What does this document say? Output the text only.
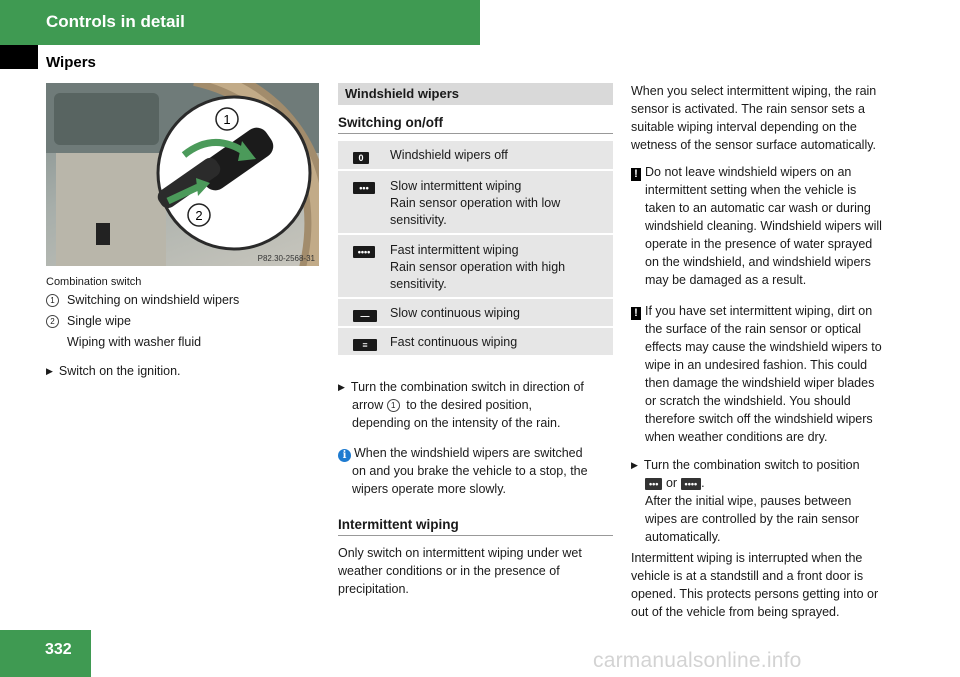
Controls in detail
Wipers
1
2
P82.30-2568-31
Combination switch
1 Switching on windshield wipers
2 Single wipe
Wiping with washer fluid
▶ Switch on the ignition.
Windshield wipers
Switching on/off
0	Windshield wipers off
•••	Slow intermittent wiping
Rain sensor operation with low
sensitivity.
••••	Fast intermittent wiping
Rain sensor operation with high
sensitivity.
—	Slow continuous wiping
≡	Fast continuous wiping
▶ Turn the combination switch in direction of
arrow 1 to the desired position,
depending on the intensity of the rain.
i When the windshield wipers are switched
on and you brake the vehicle to a stop, the
wipers operate more slowly.
Intermittent wiping
Only switch on intermittent wiping under wet
weather conditions or in the presence of
precipitation.
When you select intermittent wiping, the rain
sensor is activated. The rain sensor sets a
suitable wiping interval depending on the
wetness of the sensor surface automatically.
! Do not leave windshield wipers on an
intermittent setting when the vehicle is
taken to an automatic car wash or during
windshield cleaning. Windshield wipers will
operate in the presence of water sprayed
on the windshield, and windshield wipers
may be damaged as a result.
! If you have set intermittent wiping, dirt on
the surface of the rain sensor or optical
effects may cause the windshield wipers to
wipe in an undesired fashion. This could
then damage the windshield wiper blades
or scratch the windshield. You should
therefore switch off the windshield wipers
when weather conditions are dry.
▶ Turn the combination switch to position
••• or •••• .
After the initial wipe, pauses between
wipes are controlled by the rain sensor
automatically.
Intermittent wiping is interrupted when the
vehicle is at a standstill and a front door is
opened. This protects persons getting into or
out of the vehicle from being sprayed.
332	carmanualsonline.info
